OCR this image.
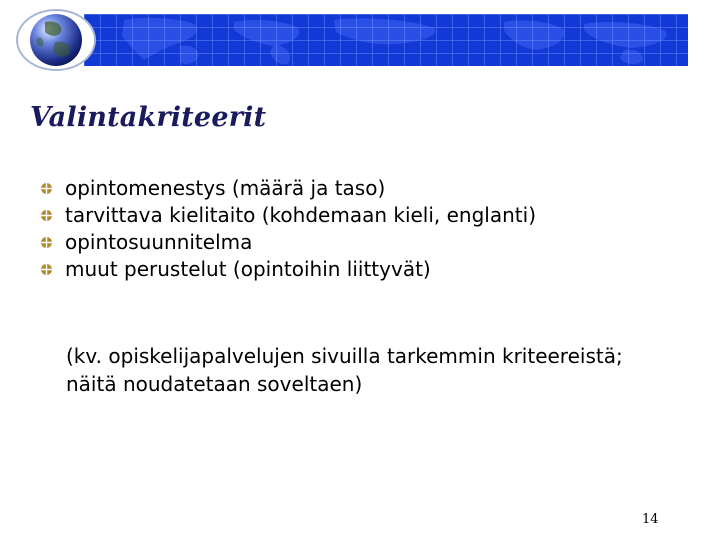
Valintakriteerit
opintomenestys (määrä ja taso)
tarvittava kielitaito (kohdemaan kieli, englanti)
opintosuunnitelma
muut perustelut (opintoihin liittyvät)

(kv. opiskelijapalvelujen sivuilla tarkemmin kriteereistä;
näitä noudatetaan soveltaen)

14
